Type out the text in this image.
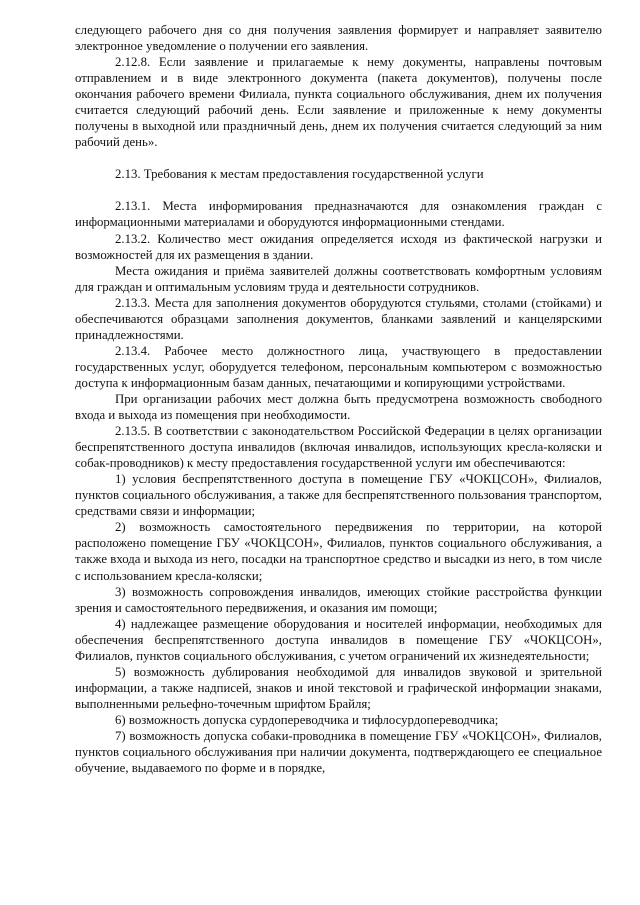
следующего рабочего дня со дня получения заявления формирует и направляет заявителю электронное уведомление о получении его заявления.

2.12.8. Если заявление и прилагаемые к нему документы, направлены почтовым отправлением и в виде электронного документа (пакета документов), получены после окончания рабочего времени Филиала, пункта социального обслуживания, днем их получения считается следующий рабочий день. Если заявление и приложенные к нему документы получены в выходной или праздничный день, днем их получения считается следующий за ним рабочий день».

2.13. Требования к местам предоставления государственной услуги

2.13.1. Места информирования предназначаются для ознакомления граждан с информационными материалами и оборудуются информационными стендами.

2.13.2. Количество мест ожидания определяется исходя из фактической нагрузки и возможностей для их размещения в здании.

Места ожидания и приёма заявителей должны соответствовать комфортным условиям для граждан и оптимальным условиям труда и деятельности сотрудников.

2.13.3. Места для заполнения документов оборудуются стульями, столами (стойками) и обеспечиваются образцами заполнения документов, бланками заявлений и канцелярскими принадлежностями.

2.13.4. Рабочее место должностного лица, участвующего в предоставлении государственных услуг, оборудуется телефоном, персональным компьютером с возможностью доступа к информационным базам данных, печатающими и копирующими устройствами.

При организации рабочих мест должна быть предусмотрена возможность свободного входа и выхода из помещения при необходимости.

2.13.5. В соответствии с законодательством Российской Федерации в целях организации беспрепятственного доступа инвалидов (включая инвалидов, использующих кресла-коляски и собак-проводников) к месту предоставления государственной услуги им обеспечиваются:

1) условия беспрепятственного доступа в помещение ГБУ «ЧОКЦСОН», Филиалов, пунктов социального обслуживания, а также для беспрепятственного пользования транспортом, средствами связи и информации;

2) возможность самостоятельного передвижения по территории, на которой расположено помещение ГБУ «ЧОКЦСОН», Филиалов, пунктов социального обслуживания, а также входа и выхода из него, посадки на транспортное средство и высадки из него, в том числе с использованием кресла-коляски;

3) возможность сопровождения инвалидов, имеющих стойкие расстройства функции зрения и самостоятельного передвижения, и оказания им помощи;

4) надлежащее размещение оборудования и носителей информации, необходимых для обеспечения беспрепятственного доступа инвалидов в помещение ГБУ «ЧОКЦСОН», Филиалов, пунктов социального обслуживания, с учетом ограничений их жизнедеятельности;

5) возможность дублирования необходимой для инвалидов звуковой и зрительной информации, а также надписей, знаков и иной текстовой и графической информации знаками, выполненными рельефно-точечным шрифтом Брайля;

6) возможность допуска сурдопереводчика и тифлосурдопереводчика;

7) возможность допуска собаки-проводника в помещение ГБУ «ЧОКЦСОН», Филиалов, пунктов социального обслуживания при наличии документа, подтверждающего ее специальное обучение, выдаваемого по форме и в порядке,
